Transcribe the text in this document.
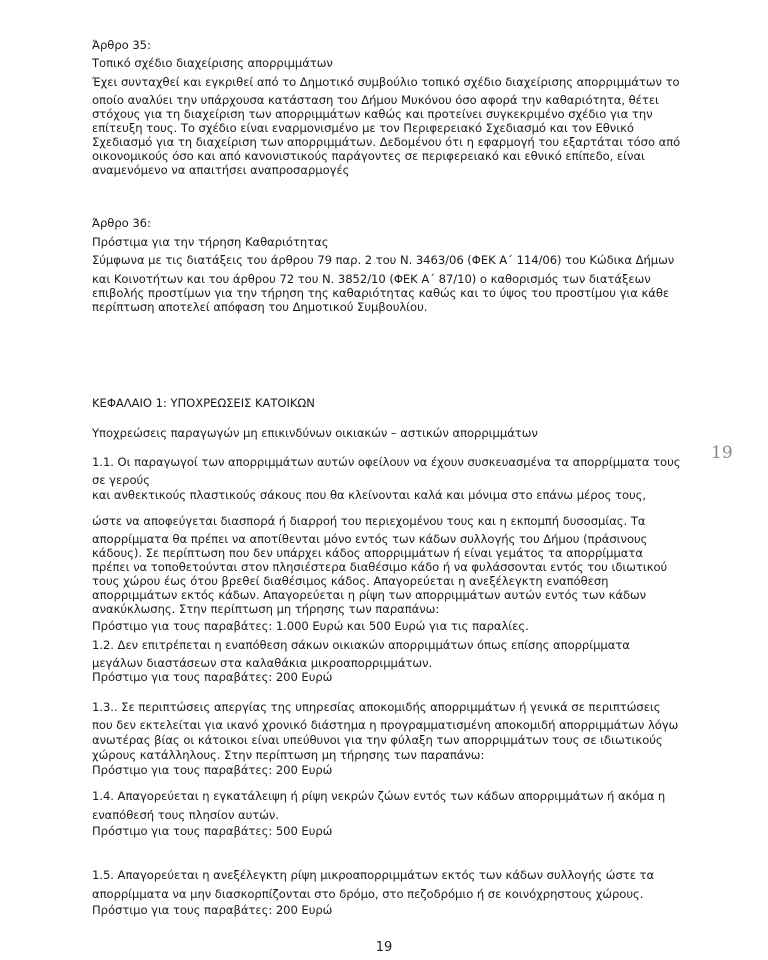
Άρθρο 35:
Τοπικό σχέδιο διαχείρισης απορριμμάτων
Έχει συνταχθεί και εγκριθεί από το Δημοτικό συμβούλιο τοπικό σχέδιο διαχείρισης απορριμμάτων το
οποίο αναλύει την υπάρχουσα κατάσταση του Δήμου Μυκόνου όσο αφορά την καθαριότητα, θέτει
στόχους για τη διαχείριση των απορριμμάτων καθώς και προτείνει συγκεκριμένο σχέδιο για την
επίτευξη τους. Το σχέδιο είναι εναρμονισμένο με τον Περιφερειακό Σχεδιασμό και τον Εθνικό
Σχεδιασμό για τη διαχείριση των απορριμμάτων. Δεδομένου ότι η εφαρμογή του εξαρτάται τόσο από
οικονομικούς όσο και από κανονιστικούς παράγοντες σε περιφερειακό και εθνικό επίπεδο, είναι
αναμενόμενο να απαιτήσει αναπροσαρμογές
Άρθρο 36:
Πρόστιμα για την τήρηση Καθαριότητας
Σύμφωνα με τις διατάξεις του άρθρου 79 παρ. 2 του Ν. 3463/06 (ΦΕΚ Α΄ 114/06) του Κώδικα Δήμων
και Κοινοτήτων και του άρθρου 72 του Ν. 3852/10 (ΦΕΚ Α΄ 87/10) ο καθορισμός των διατάξεων
επιβολής προστίμων για την τήρηση της καθαριότητας καθώς και το ύψος του προστίμου για κάθε
περίπτωση αποτελεί απόφαση του Δημοτικού Συμβουλίου.
ΚΕΦΑΛΑΙΟ 1: ΥΠΟΧΡΕΩΣΕΙΣ ΚΑΤΟΙΚΩΝ
Υποχρεώσεις παραγωγών μη επικινδύνων οικιακών – αστικών απορριμμάτων
19
1.1. Οι παραγωγοί των απορριμμάτων αυτών οφείλουν να έχουν συσκευασμένα τα απορρίμματα τους
σε γερούς
και ανθεκτικούς πλαστικούς σάκους που θα κλείνονται καλά και μόνιμα στο επάνω μέρος τους,
ώστε να αποφεύγεται διασπορά ή διαρροή του περιεχομένου τους και η εκπομπή δυσοσμίας. Τα
απορρίμματα θα πρέπει να αποτίθενται μόνο εντός των κάδων συλλογής του Δήμου (πράσινους
κάδους). Σε περίπτωση που δεν υπάρχει κάδος απορριμμάτων ή είναι γεμάτος τα απορρίμματα
πρέπει να τοποθετούνται στον πλησιέστερα διαθέσιμο κάδο ή να φυλάσσονται εντός του ιδιωτικού
τους χώρου έως ότου βρεθεί διαθέσιμος κάδος. Απαγορεύεται η ανεξέλεγκτη εναπόθεση
απορριμμάτων εκτός κάδων. Απαγορεύεται η ρίψη των απορριμμάτων αυτών εντός των κάδων
ανακύκλωσης. Στην περίπτωση μη τήρησης των παραπάνω:
Πρόστιμο για τους παραβάτες: 1.000 Ευρώ και 500 Ευρώ για τις παραλίες.
1.2. Δεν επιτρέπεται η εναπόθεση σάκων οικιακών απορριμμάτων όπως επίσης απορρίμματα
μεγάλων διαστάσεων στα καλαθάκια μικροαπορριμμάτων.
Πρόστιμο για τους παραβάτες: 200 Ευρώ
1.3.. Σε περιπτώσεις απεργίας της υπηρεσίας αποκομιδής απορριμμάτων ή γενικά σε περιπτώσεις
που δεν εκτελείται για ικανό χρονικό διάστημα η προγραμματισμένη αποκομιδή απορριμμάτων λόγω
ανωτέρας βίας οι κάτοικοι είναι υπεύθυνοι για την φύλαξη των απορριμμάτων τους σε ιδιωτικούς
χώρους κατάλληλους. Στην περίπτωση μη τήρησης των παραπάνω:
Πρόστιμο για τους παραβάτες: 200 Ευρώ
1.4. Απαγορεύεται η εγκατάλειψη ή ρίψη νεκρών ζώων εντός των κάδων απορριμμάτων ή ακόμα η
εναπόθεσή τους πλησίον αυτών.
Πρόστιμο για τους παραβάτες: 500 Ευρώ
1.5. Απαγορεύεται η ανεξέλεγκτη ρίψη μικροαπορριμμάτων εκτός των κάδων συλλογής ώστε τα
απορρίμματα να μην διασκορπίζονται στο δρόμο, στο πεζοδρόμιο ή σε κοινόχρηστους χώρους.
Πρόστιμο για τους παραβάτες: 200 Ευρώ
19
